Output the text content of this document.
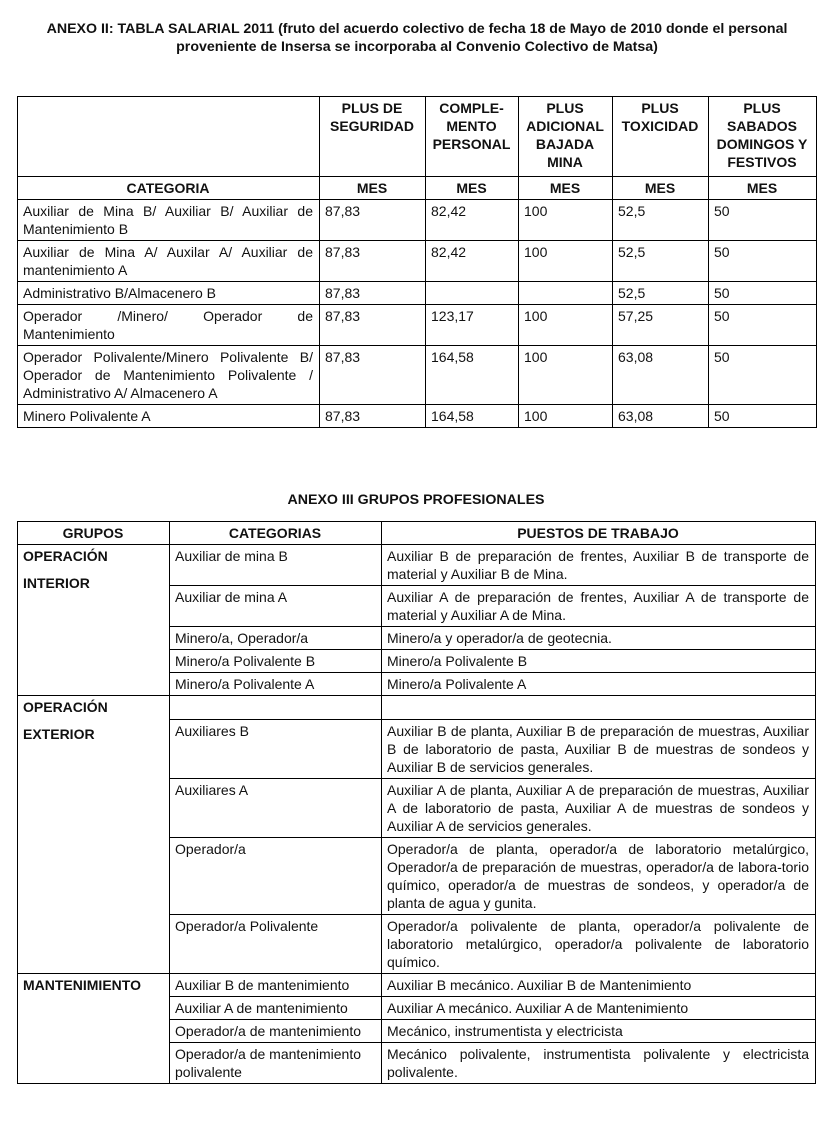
ANEXO II: TABLA SALARIAL 2011 (fruto del acuerdo colectivo de fecha 18 de Mayo de 2010 donde el personal
proveniente de Insersa se incorporaba al Convenio Colectivo de Matsa)
	PLUS DE SEGURIDAD	COMPLE- MENTO PERSONAL	PLUS ADICIONAL BAJADA MINA	PLUS TOXICIDAD	PLUS SABADOS DOMINGOS Y FESTIVOS
CATEGORIA	MES	MES	MES	MES	MES
Auxiliar de Mina B/ Auxiliar B/ Auxiliar de Mantenimiento B	87,83	82,42	100	52,5	50
Auxiliar de Mina A/ Auxilar A/ Auxiliar de mantenimiento A	87,83	82,42	100	52,5	50
Administrativo B/Almacenero B	87,83			52,5	50
Operador /Minero/ Operador de Mantenimiento	87,83	123,17	100	57,25	50
Operador Polivalente/Minero Polivalente B/ Operador de Mantenimiento Polivalente / Administrativo A/ Almacenero A	87,83	164,58	100	63,08	50
Minero Polivalente A	87,83	164,58	100	63,08	50
ANEXO III GRUPOS PROFESIONALES
GRUPOS	CATEGORIAS	PUESTOS DE TRABAJO

OPERACIÓN
INTERIOR	Auxiliar de mina B	Auxiliar B de preparación de frentes, Auxiliar B de transporte de material y Auxiliar B de Mina.
	Auxiliar de mina A	Auxiliar A de preparación de frentes, Auxiliar A de transporte de material y Auxiliar A de Mina.
	Minero/a, Operador/a	Minero/a y operador/a de geotecnia.
	Minero/a Polivalente B	Minero/a Polivalente B
	Minero/a Polivalente A	Minero/a Polivalente A

OPERACIÓN
EXTERIOR		

	Auxiliares B	Auxiliar B de planta, Auxiliar B de preparación de muestras, Auxiliar B de laboratorio de pasta, Auxiliar B de muestras de sondeos y Auxiliar B de servicios generales.
	Auxiliares A	Auxiliar A de planta, Auxiliar A de preparación de muestras, Auxiliar A de laboratorio de pasta, Auxiliar A de muestras de sondeos y Auxiliar A de servicios generales.
	Operador/a	Operador/a de planta, operador/a de laboratorio metalúrgico, Operador/a de preparación de muestras, operador/a de labora-torio químico, operador/a de muestras de sondeos, y operador/a de planta de agua y gunita.
	Operador/a Polivalente	Operador/a polivalente de planta, operador/a polivalente de laboratorio metalúrgico, operador/a polivalente de laboratorio químico.

MANTENIMIENTO	Auxiliar B de mantenimiento	Auxiliar B mecánico. Auxiliar B de Mantenimiento
	Auxiliar A de mantenimiento	Auxiliar A mecánico. Auxiliar A de Mantenimiento
	Operador/a de mantenimiento	Mecánico, instrumentista y electricista
	Operador/a de mantenimiento polivalente	Mecánico polivalente, instrumentista polivalente y electricista polivalente.
